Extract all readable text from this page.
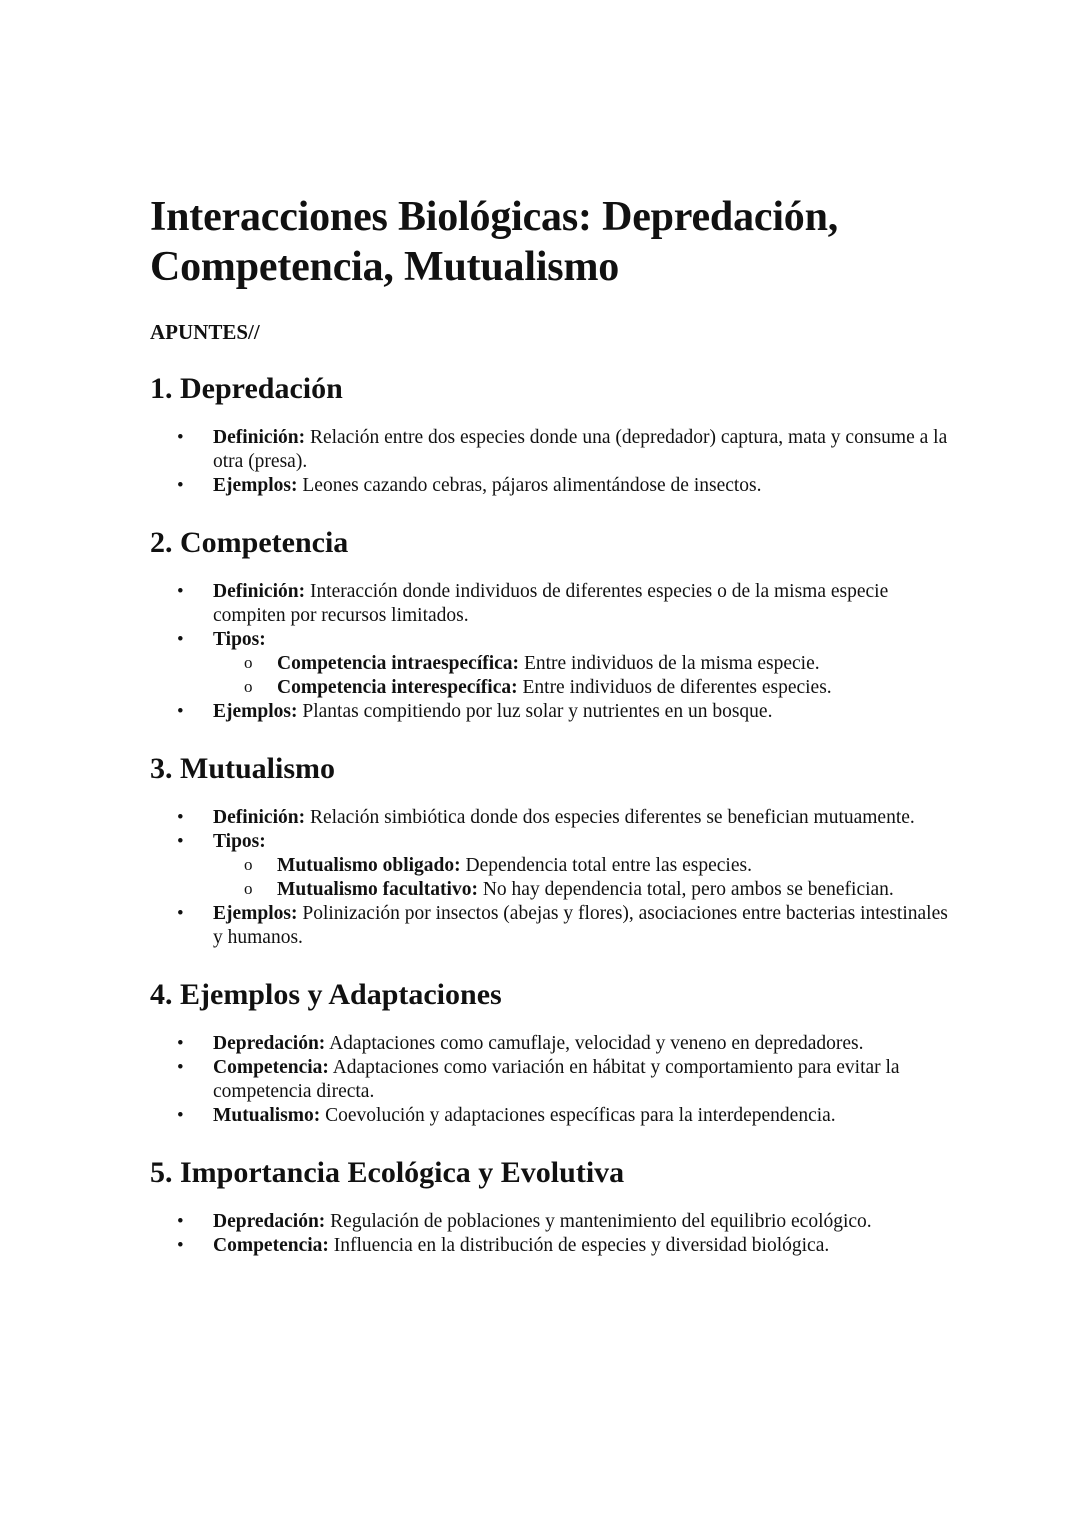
Interacciones Biológicas: Depredación, Competencia, Mutualismo
APUNTES//
1. Depredación
• Definición: Relación entre dos especies donde una (depredador) captura, mata y consume a la otra (presa).
• Ejemplos: Leones cazando cebras, pájaros alimentándose de insectos.
2. Competencia
• Definición: Interacción donde individuos de diferentes especies o de la misma especie compiten por recursos limitados.
• Tipos:
o Competencia intraespecífica: Entre individuos de la misma especie.
o Competencia interespecífica: Entre individuos de diferentes especies.
• Ejemplos: Plantas compitiendo por luz solar y nutrientes en un bosque.
3. Mutualismo
• Definición: Relación simbiótica donde dos especies diferentes se benefician mutuamente.
• Tipos:
o Mutualismo obligado: Dependencia total entre las especies.
o Mutualismo facultativo: No hay dependencia total, pero ambos se benefician.
• Ejemplos: Polinización por insectos (abejas y flores), asociaciones entre bacterias intestinales y humanos.
4. Ejemplos y Adaptaciones
• Depredación: Adaptaciones como camuflaje, velocidad y veneno en depredadores.
• Competencia: Adaptaciones como variación en hábitat y comportamiento para evitar la competencia directa.
• Mutualismo: Coevolución y adaptaciones específicas para la interdependencia.
5. Importancia Ecológica y Evolutiva
• Depredación: Regulación de poblaciones y mantenimiento del equilibrio ecológico.
• Competencia: Influencia en la distribución de especies y diversidad biológica.
